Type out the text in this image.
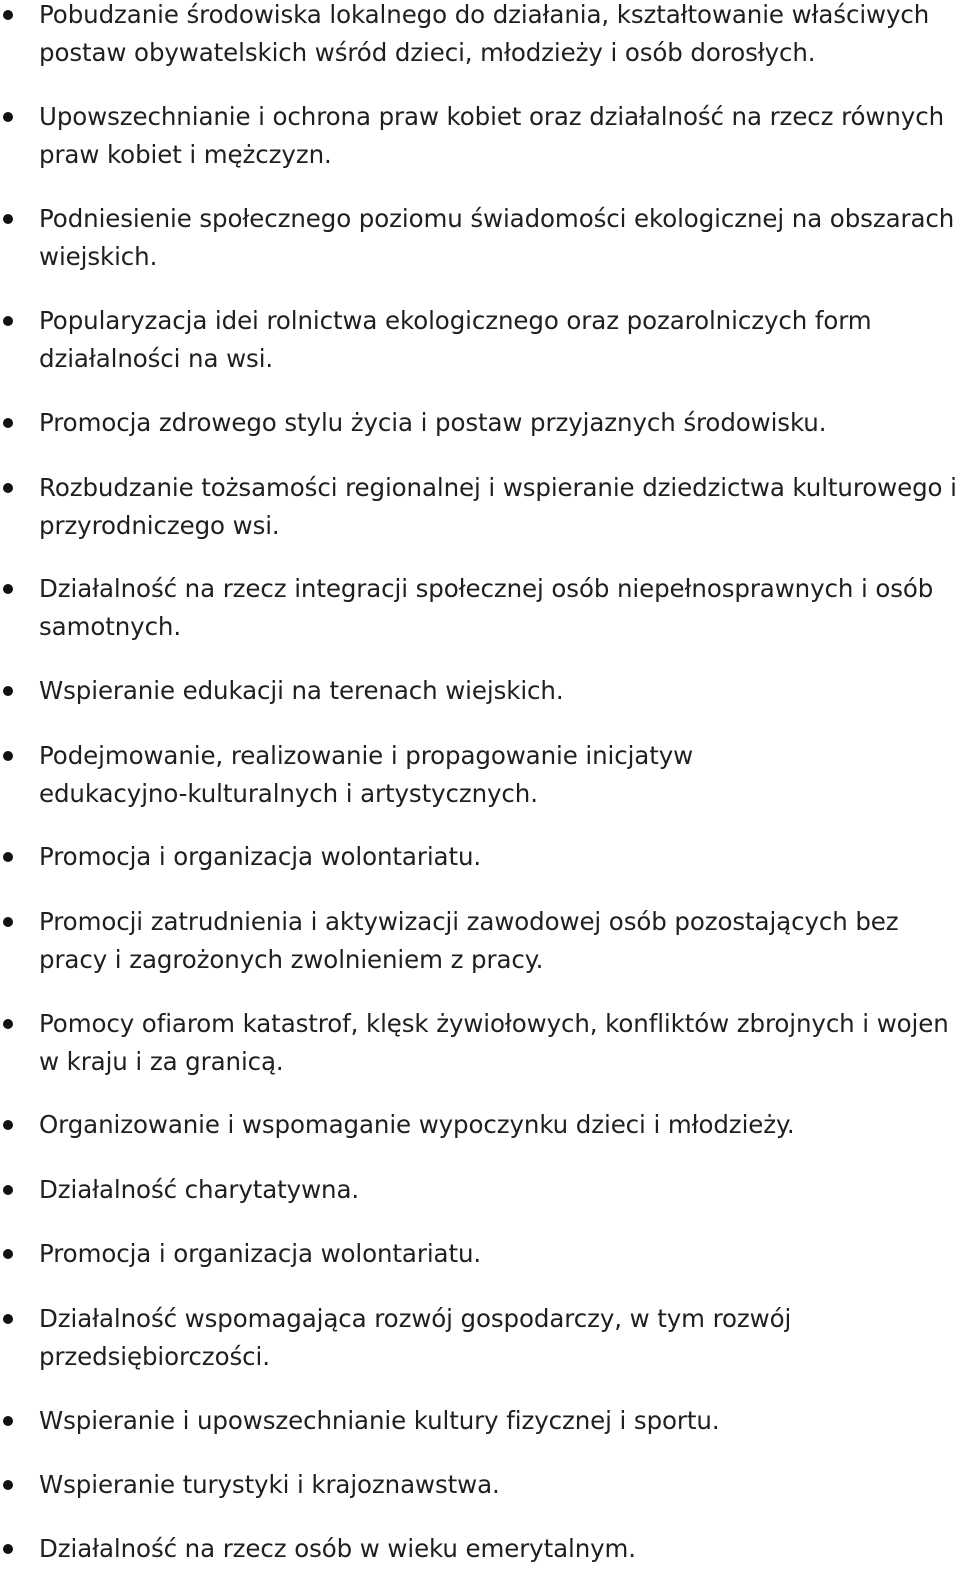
Pobudzanie środowiska lokalnego do działania, kształtowanie właściwych postaw obywatelskich wśród dzieci, młodzieży i osób dorosłych.
Upowszechnianie i ochrona praw kobiet oraz działalność na rzecz równych praw kobiet i mężczyzn.
Podniesienie społecznego poziomu świadomości ekologicznej na obszarach wiejskich.
Popularyzacja idei rolnictwa ekologicznego oraz pozarolniczych form działalności na wsi.
Promocja zdrowego stylu życia i postaw przyjaznych środowisku.
Rozbudzanie tożsamości regionalnej i wspieranie dziedzictwa kulturowego i przyrodniczego wsi.
Działalność na rzecz integracji społecznej osób niepełnosprawnych i osób samotnych.
Wspieranie edukacji na terenach wiejskich.
Podejmowanie, realizowanie i propagowanie inicjatyw edukacyjno-kulturalnych i artystycznych.
Promocja i organizacja wolontariatu.
Promocji zatrudnienia i aktywizacji zawodowej osób pozostających bez pracy i zagrożonych zwolnieniem z pracy.
Pomocy ofiarom katastrof, klęsk żywiołowych, konfliktów zbrojnych i wojen w kraju i za granicą.
Organizowanie i wspomaganie wypoczynku dzieci i młodzieży.
Działalność charytatywna.
Promocja i organizacja wolontariatu.
Działalność wspomagająca rozwój gospodarczy, w tym rozwój przedsiębiorczości.
Wspieranie i upowszechnianie kultury fizycznej i sportu.
Wspieranie turystyki i krajoznawstwa.
Działalność na rzecz osób w wieku emerytalnym.
